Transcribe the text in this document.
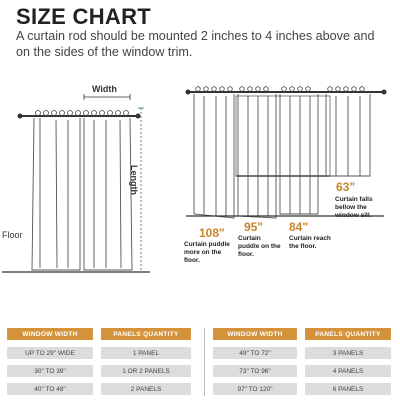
SIZE CHART
A curtain rod should be mounted 2 inches to 4 inches above and on the sides of the window trim.
Width
Length
Floor	108"
Curtain puddle more on the floor.
95"
Curtain puddle on the floor.
84"
Curtain reach the floor.
63"
Curtain falls bellow the window sill.
WINDOW WIDTH	PANELS QUANTITY
UP TO 29" WIDE	1 PANEL
30" TO 39"	1 OR 2 PANELS
40" TO 48"	2 PANELS
WINDOW WIDTH	PANELS QUANTITY
49" TO 72"	3 PANELS
73" TO 96"	4 PANELS
97" TO 120"	6 PANELS
